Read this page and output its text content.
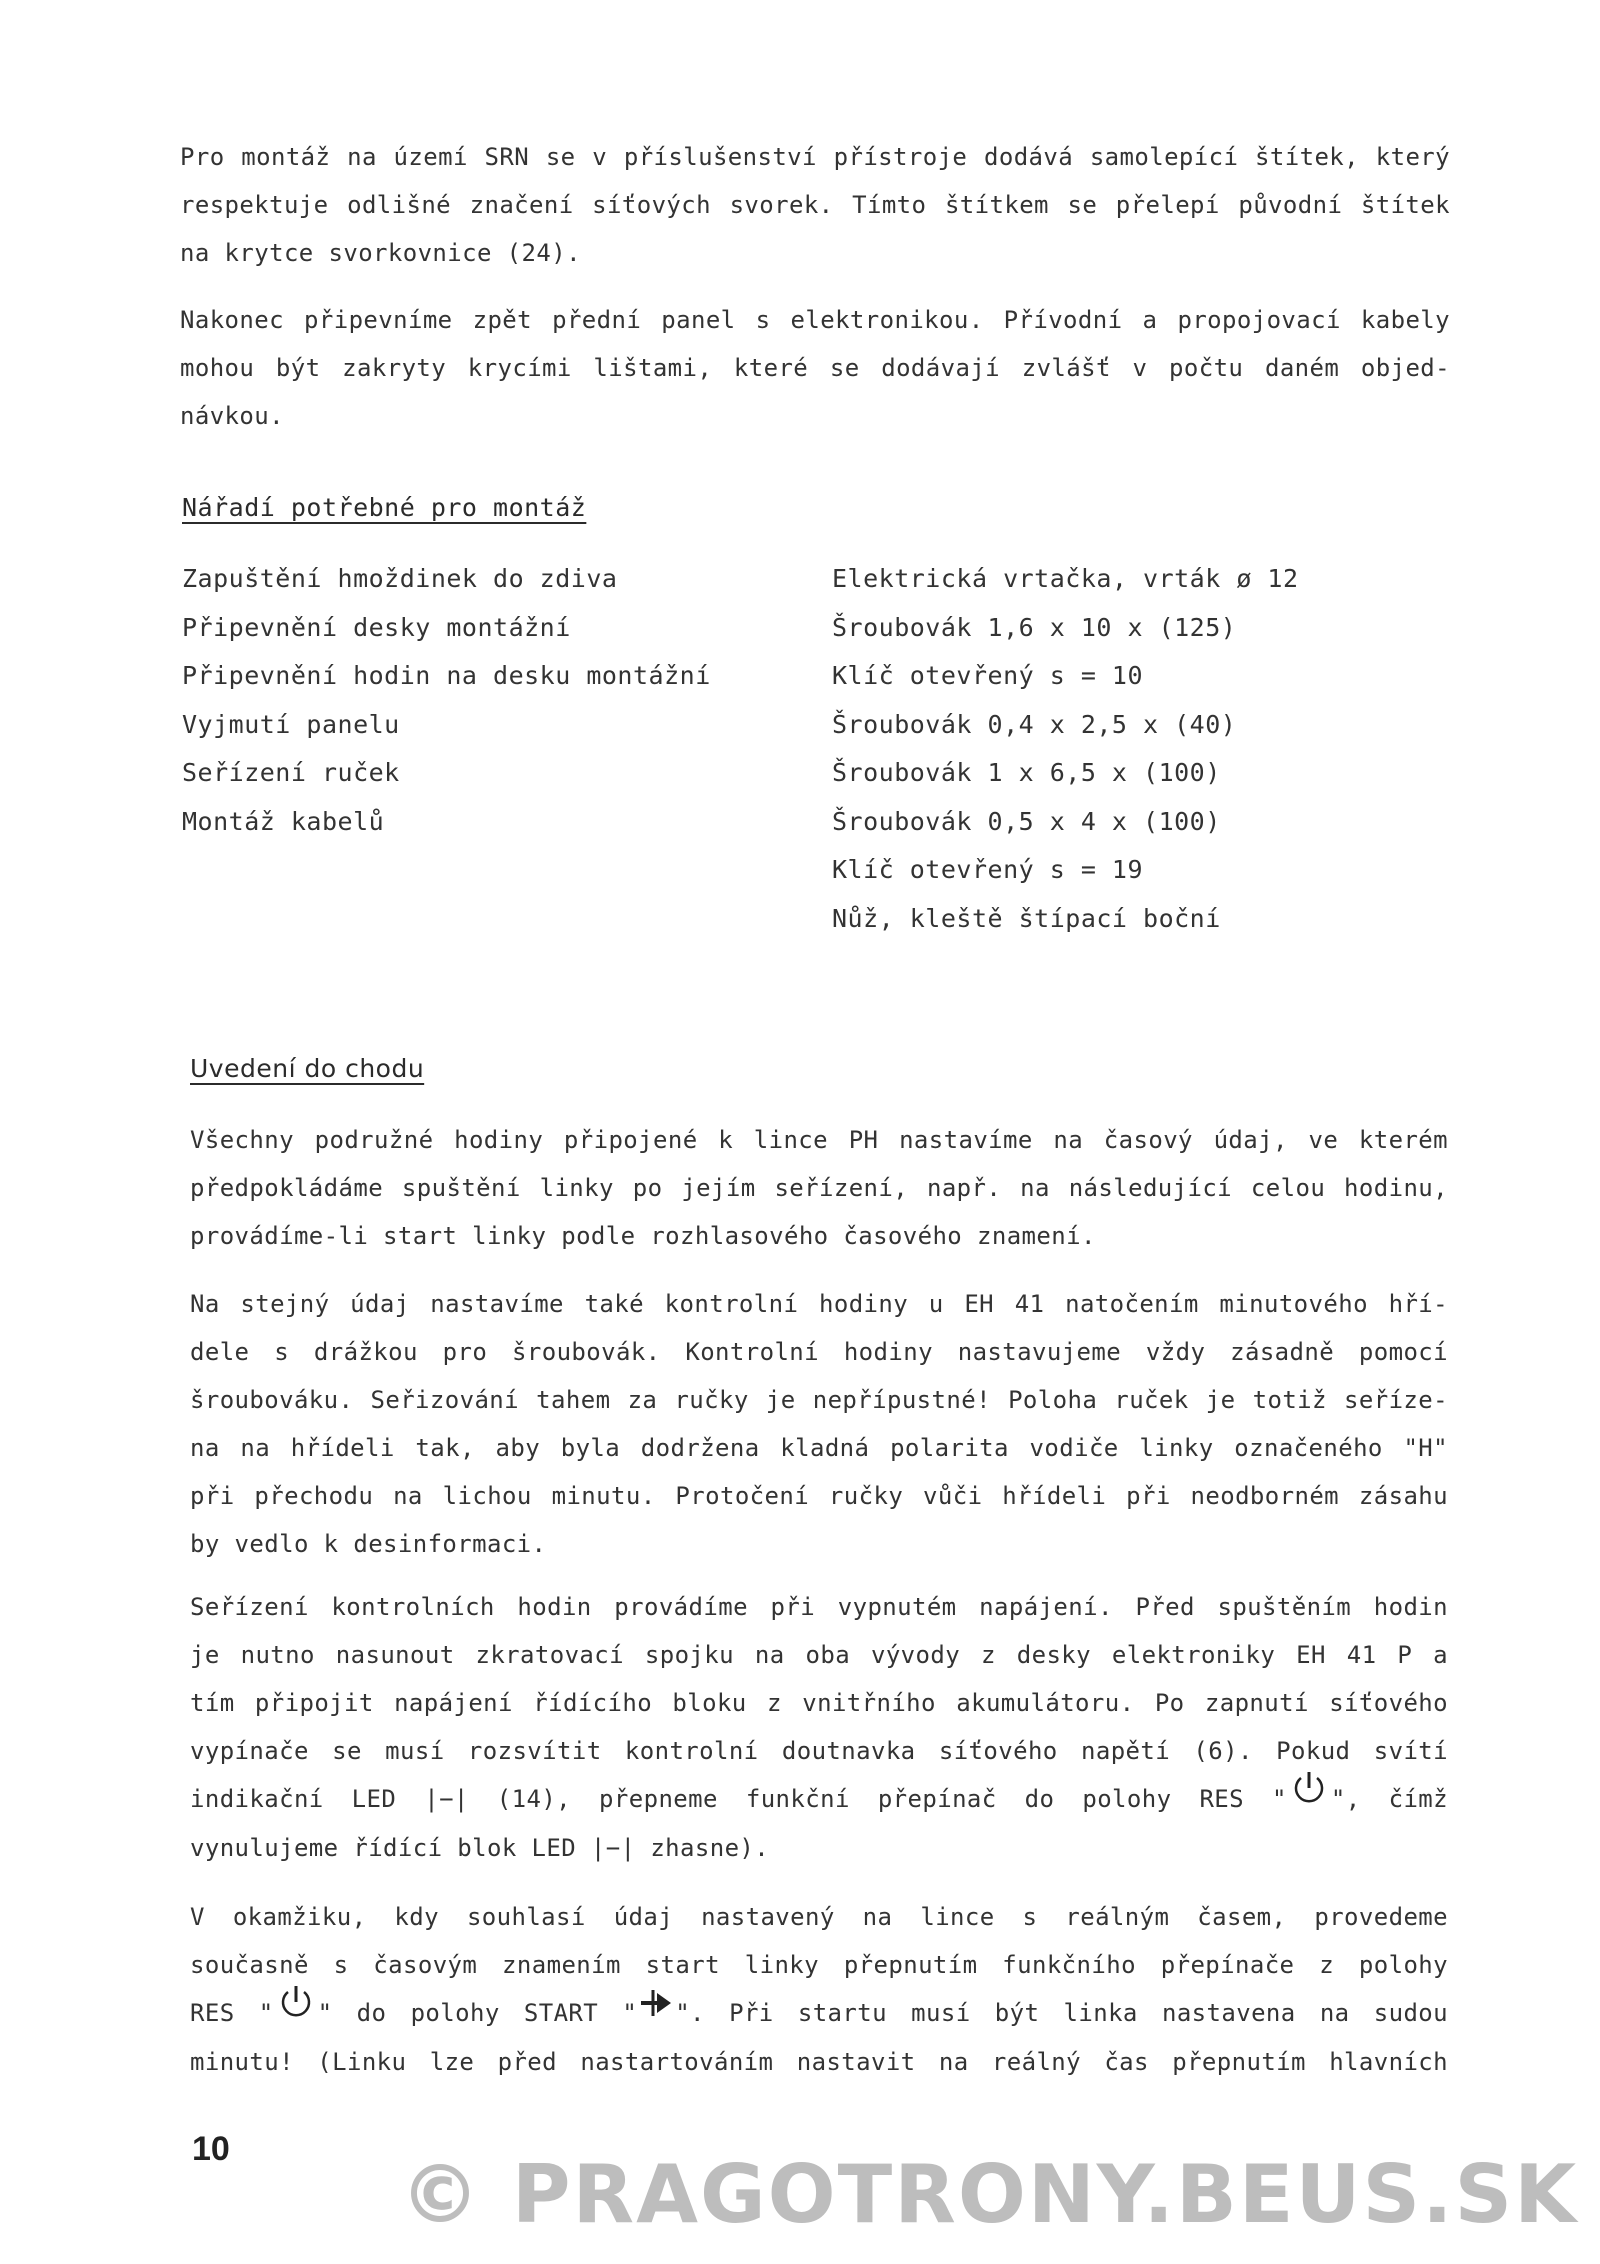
Pro montáž na území SRN se v příslušenství přístroje dodává samolepící štítek, který
respektuje odlišné značení síťových svorek. Tímto štítkem se přelepí původní štítek
na krytce svorkovnice (24).
Nakonec připevníme zpět přední panel s elektronikou. Přívodní a propojovací kabely
mohou být zakryty krycími lištami, které se dodávají zvlášť v počtu daném objed-
návkou.
Nářadí potřebné pro montáž
Zapuštění hmoždinek do zdiva
Připevnění desky montážní
Připevnění hodin na desku montážní
Vyjmutí panelu
Seřízení ruček
Montáž kabelů
Elektrická vrtačka, vrták ø 12
Šroubovák 1,6 x 10 x (125)
Klíč otevřený s = 10
Šroubovák 0,4 x 2,5 x (40)
Šroubovák 1 x 6,5 x (100)
Šroubovák 0,5 x 4 x (100)
Klíč otevřený s = 19
Nůž, kleště štípací boční
Uvedení do chodu
Všechny podružné hodiny připojené k lince PH nastavíme na časový údaj, ve kterém
předpokládáme spuštění linky po jejím seřízení, např. na následující celou hodinu,
provádíme-li start linky podle rozhlasového časového znamení.
Na stejný údaj nastavíme také kontrolní hodiny u EH 41 natočením minutového hří-
dele s drážkou pro šroubovák. Kontrolní hodiny nastavujeme vždy zásadně pomocí
šroubováku. Seřizování tahem za ručky je nepřípustné! Poloha ruček je totiž seříze-
na na hřídeli tak, aby byla dodržena kladná polarita vodiče linky označeného "H"
při přechodu na lichou minutu. Protočení ručky vůči hřídeli při neodborném zásahu
by vedlo k desinformaci.
Seřízení kontrolních hodin provádíme při vypnutém napájení. Před spuštěním hodin
je nutno nasunout zkratovací spojku na oba vývody z desky elektroniky EH 41 P a
tím připojit napájení řídícího bloku z vnitřního akumulátoru. Po zapnutí síťového
vypínače se musí rozsvítit kontrolní doutnavka síťového napětí (6). Pokud svítí
indikační LED |−| (14), přepneme funkční přepínač do polohy RES " ", čímž
vynulujeme řídící blok LED |−| zhasne).
V okamžiku, kdy souhlasí údaj nastavený na lince s reálným časem, provedeme
současně s časovým znamením start linky přepnutím funkčního přepínače z polohy
RES " " do polohy START " ". Při startu musí být linka nastavena na sudou
minutu! (Linku lze před nastartováním nastavit na reálný čas přepnutím hlavních
10 © PRAGOTRONY.BEUS.SK
